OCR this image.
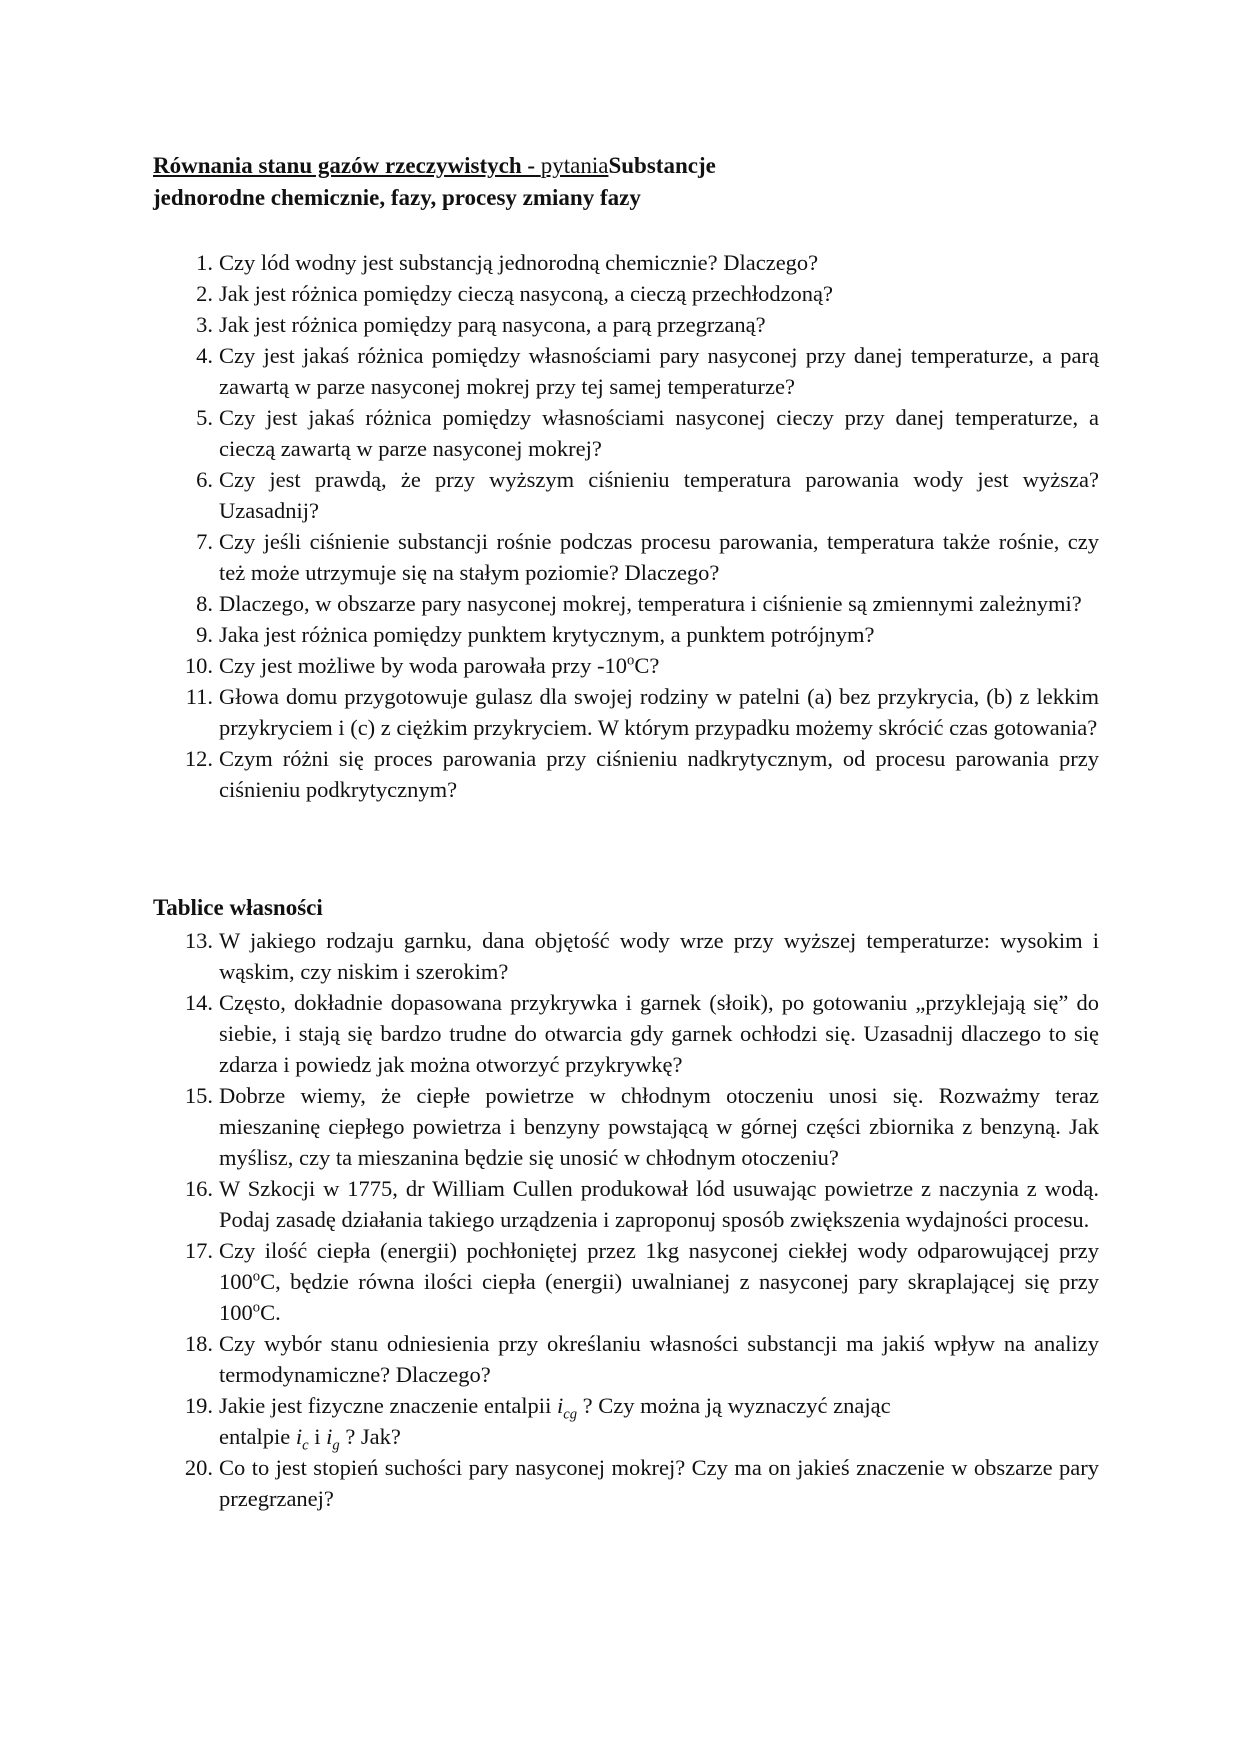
Równania stanu gazów rzeczywistych - pytaniaSubstancje
jednorodne chemicznie, fazy, procesy zmiany fazy
1. Czy lód wodny jest substancją jednorodną chemicznie? Dlaczego?
2. Jak jest różnica pomiędzy cieczą nasyconą, a cieczą przechłodzoną?
3. Jak jest różnica pomiędzy parą nasycona, a parą przegrzaną?
4. Czy jest jakaś różnica pomiędzy własnościami pary nasyconej przy danej temperaturze, a parą zawartą w parze nasyconej mokrej przy tej samej temperaturze?
5. Czy jest jakaś różnica pomiędzy własnościami nasyconej cieczy przy danej temperaturze, a cieczą zawartą w parze nasyconej mokrej?
6. Czy jest prawdą, że przy wyższym ciśnieniu temperatura parowania wody jest wyższa? Uzasadnij?
7. Czy jeśli ciśnienie substancji rośnie podczas procesu parowania, temperatura także rośnie, czy też może utrzymuje się na stałym poziomie? Dlaczego?
8. Dlaczego, w obszarze pary nasyconej mokrej, temperatura i ciśnienie są zmiennymi zależnymi?
9. Jaka jest różnica pomiędzy punktem krytycznym, a punktem potrójnym?
10. Czy jest możliwe by woda parowała przy -10$^o$C?
11. Głowa domu przygotowuje gulasz dla swojej rodziny w patelni (a) bez przykrycia, (b) z lekkim przykryciem i (c) z ciężkim przykryciem. W którym przypadku możemy skrócić czas gotowania?
12. Czym różni się proces parowania przy ciśnieniu nadkrytycznym, od procesu parowania przy ciśnieniu podkrytycznym?
Tablice własności
13. W jakiego rodzaju garnku, dana objętość wody wrze przy wyższej temperaturze: wysokim i wąskim, czy niskim i szerokim?
14. Często, dokładnie dopasowana przykrywka i garnek (słoik), po gotowaniu „przyklejają się” do siebie, i stają się bardzo trudne do otwarcia gdy garnek ochłodzi się. Uzasadnij dlaczego to się zdarza i powiedz jak można otworzyć przykrywkę?
15. Dobrze wiemy, że ciepłe powietrze w chłodnym otoczeniu unosi się. Rozważmy teraz mieszaninę ciepłego powietrza i benzyny powstającą w górnej części zbiornika z benzyną. Jak myślisz, czy ta mieszanina będzie się unosić w chłodnym otoczeniu?
16. W Szkocji w 1775, dr William Cullen produkował lód usuwając powietrze z naczynia z wodą. Podaj zasadę działania takiego urządzenia i zaproponuj sposób zwiększenia wydajności procesu.
17. Czy ilość ciepła (energii) pochłoniętej przez 1kg nasyconej ciekłej wody odparowującej przy 100$^o$C, będzie równa ilości ciepła (energii) uwalnianej z nasyconej pary skraplającej się przy 100$^o$C.
18. Czy wybór stanu odniesienia przy określaniu własności substancji ma jakiś wpływ na analizy termodynamiczne? Dlaczego?
19. Jakie jest fizyczne znaczenie entalpii $i_{cg}$ ? Czy można ją wyznaczyć znając
entalpie $i_c$ i $i_g$ ? Jak?
20. Co to jest stopień suchości pary nasyconej mokrej? Czy ma on jakieś znaczenie w obszarze pary przegrzanej?
